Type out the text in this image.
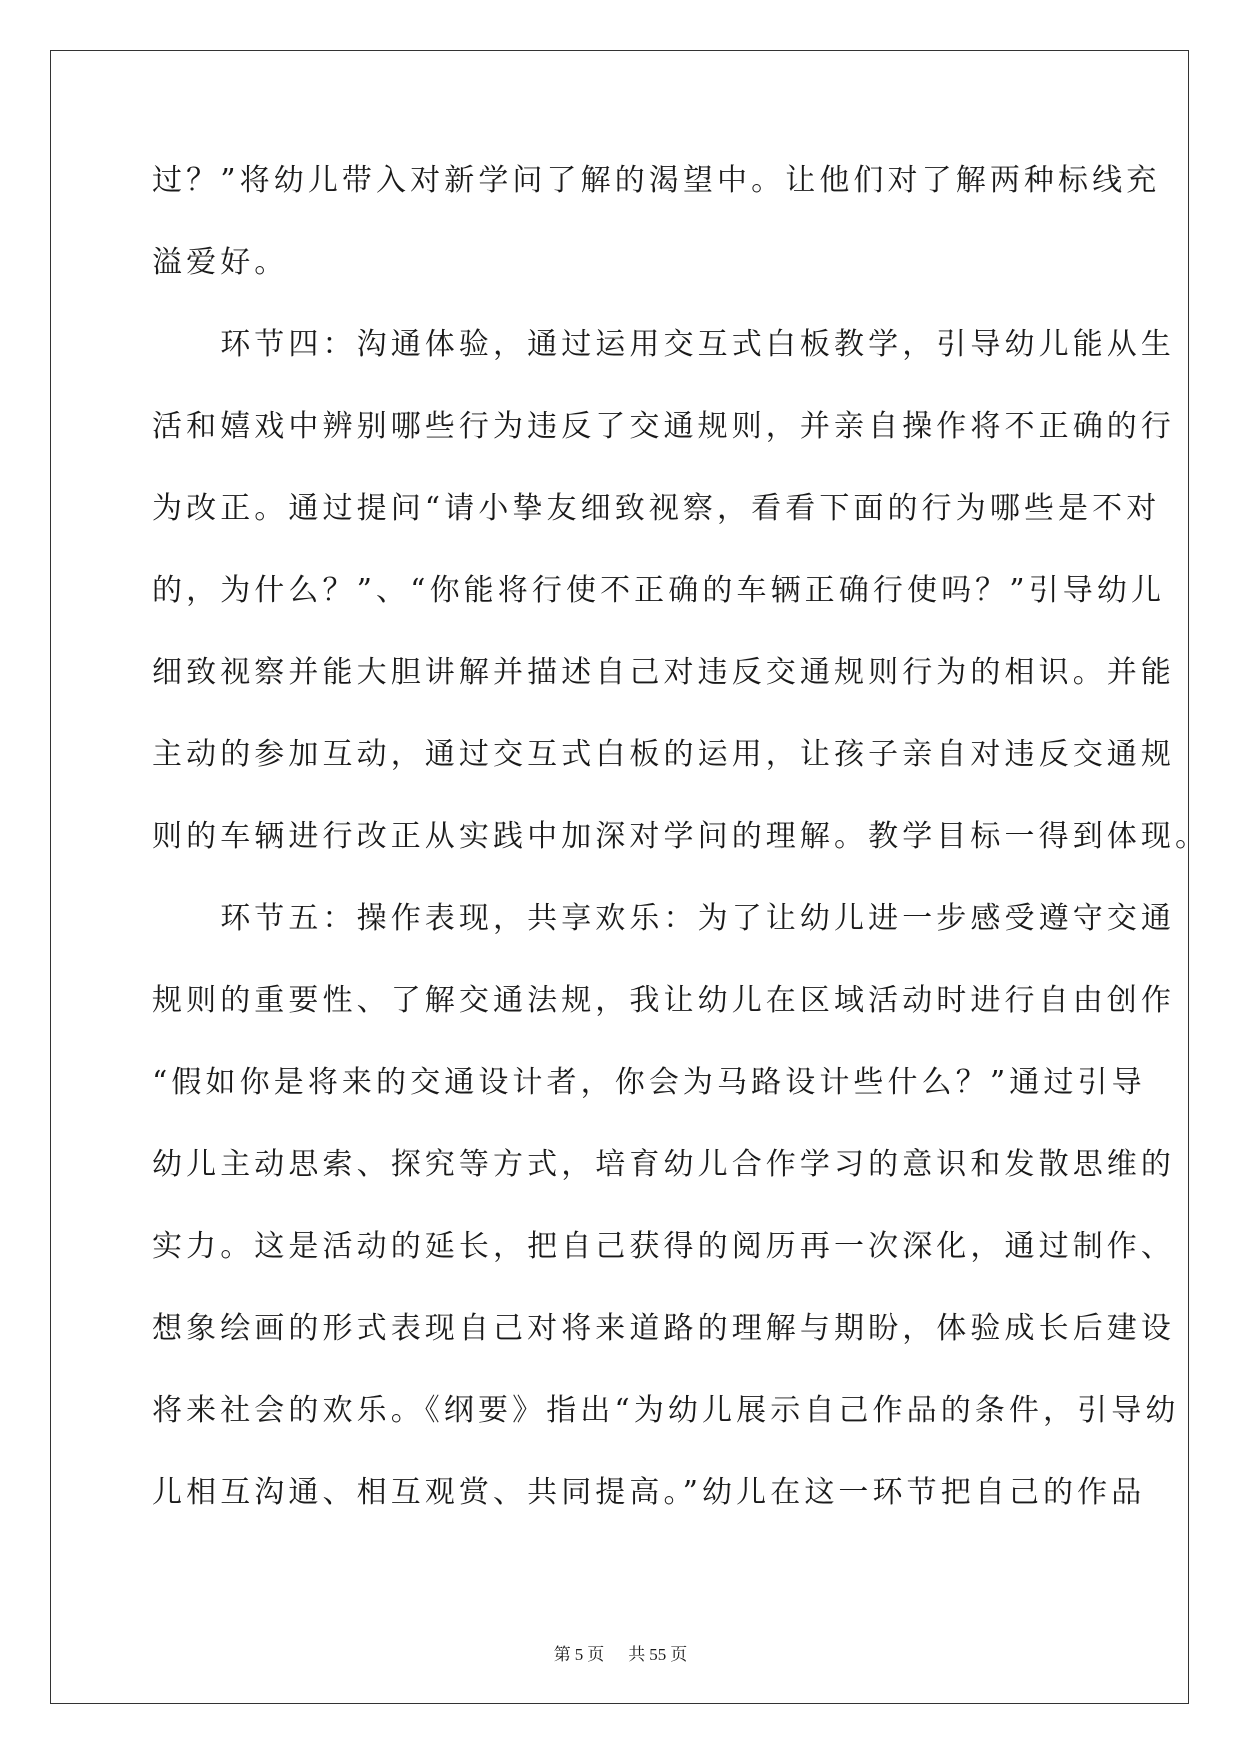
过？”将幼儿带入对新学问了解的渴望中。让他们对了解两种标线充
溢爱好。
　　环节四：沟通体验，通过运用交互式白板教学，引导幼儿能从生
活和嬉戏中辨别哪些行为违反了交通规则，并亲自操作将不正确的行
为改正。通过提问“请小挚友细致视察，看看下面的行为哪些是不对
的，为什么？”、“你能将行使不正确的车辆正确行使吗？”引导幼儿
细致视察并能大胆讲解并描述自己对违反交通规则行为的相识。并能
主动的参加互动，通过交互式白板的运用，让孩子亲自对违反交通规
则的车辆进行改正从实践中加深对学问的理解。教学目标一得到体现。
　　环节五：操作表现，共享欢乐：为了让幼儿进一步感受遵守交通
规则的重要性、了解交通法规，我让幼儿在区域活动时进行自由创作
“假如你是将来的交通设计者，你会为马路设计些什么？”通过引导
幼儿主动思索、探究等方式，培育幼儿合作学习的意识和发散思维的
实力。这是活动的延长，把自己获得的阅历再一次深化，通过制作、
想象绘画的形式表现自己对将来道路的理解与期盼，体验成长后建设
将来社会的欢乐。《纲要》指出“为幼儿展示自己作品的条件，引导幼
儿相互沟通、相互观赏、共同提高。”幼儿在这一环节把自己的作品
第 5 页 共 55 页
